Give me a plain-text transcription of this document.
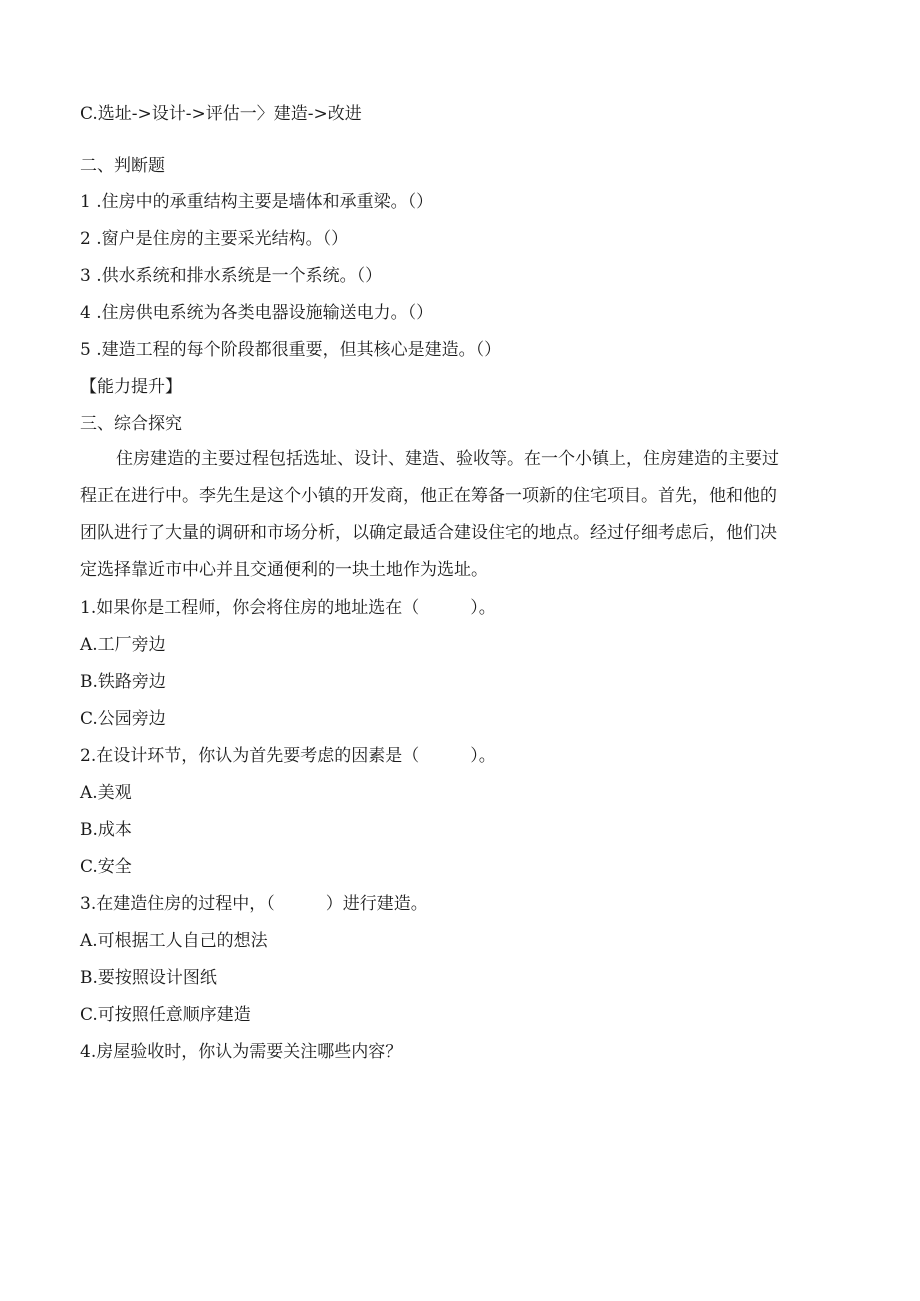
C.选址->设计->评估一〉建造->改进
二、判断题
1 .住房中的承重结构主要是墙体和承重梁。（）
2 .窗户是住房的主要采光结构。（）
3 .供水系统和排水系统是一个系统。（）
4 .住房供电系统为各类电器设施输送电力。（）
5 .建造工程的每个阶段都很重要，但其核心是建造。（）
【能力提升】
三、综合探究
住房建造的主要过程包括选址、设计、建造、验收等。在一个小镇上，住房建造的主要过
程正在进行中。李先生是这个小镇的开发商，他正在筹备一项新的住宅项目。首先，他和他的
团队进行了大量的调研和市场分析，以确定最适合建设住宅的地点。经过仔细考虑后，他们决
定选择靠近市中心并且交通便利的一块土地作为选址。
1.如果你是工程师，你会将住房的地址选在（　　　）。
A.工厂旁边
B.铁路旁边
C.公园旁边
2.在设计环节，你认为首先要考虑的因素是（　　　）。
A.美观
B.成本
C.安全
3.在建造住房的过程中，（　　　）进行建造。
A.可根据工人自己的想法
B.要按照设计图纸
C.可按照任意顺序建造
4.房屋验收时，你认为需要关注哪些内容？
